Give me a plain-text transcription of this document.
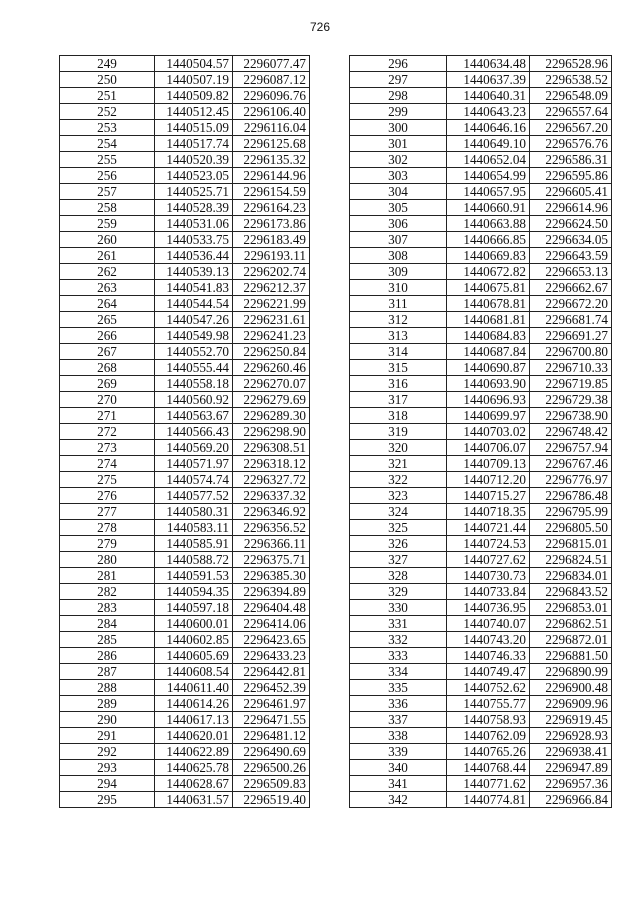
726
249	1440504.57	2296077.47
250	1440507.19	2296087.12
251	1440509.82	2296096.76
252	1440512.45	2296106.40
253	1440515.09	2296116.04
254	1440517.74	2296125.68
255	1440520.39	2296135.32
256	1440523.05	2296144.96
257	1440525.71	2296154.59
258	1440528.39	2296164.23
259	1440531.06	2296173.86
260	1440533.75	2296183.49
261	1440536.44	2296193.11
262	1440539.13	2296202.74
263	1440541.83	2296212.37
264	1440544.54	2296221.99
265	1440547.26	2296231.61
266	1440549.98	2296241.23
267	1440552.70	2296250.84
268	1440555.44	2296260.46
269	1440558.18	2296270.07
270	1440560.92	2296279.69
271	1440563.67	2296289.30
272	1440566.43	2296298.90
273	1440569.20	2296308.51
274	1440571.97	2296318.12
275	1440574.74	2296327.72
276	1440577.52	2296337.32
277	1440580.31	2296346.92
278	1440583.11	2296356.52
279	1440585.91	2296366.11
280	1440588.72	2296375.71
281	1440591.53	2296385.30
282	1440594.35	2296394.89
283	1440597.18	2296404.48
284	1440600.01	2296414.06
285	1440602.85	2296423.65
286	1440605.69	2296433.23
287	1440608.54	2296442.81
288	1440611.40	2296452.39
289	1440614.26	2296461.97
290	1440617.13	2296471.55
291	1440620.01	2296481.12
292	1440622.89	2296490.69
293	1440625.78	2296500.26
294	1440628.67	2296509.83
295	1440631.57	2296519.40
296	1440634.48	2296528.96
297	1440637.39	2296538.52
298	1440640.31	2296548.09
299	1440643.23	2296557.64
300	1440646.16	2296567.20
301	1440649.10	2296576.76
302	1440652.04	2296586.31
303	1440654.99	2296595.86
304	1440657.95	2296605.41
305	1440660.91	2296614.96
306	1440663.88	2296624.50
307	1440666.85	2296634.05
308	1440669.83	2296643.59
309	1440672.82	2296653.13
310	1440675.81	2296662.67
311	1440678.81	2296672.20
312	1440681.81	2296681.74
313	1440684.83	2296691.27
314	1440687.84	2296700.80
315	1440690.87	2296710.33
316	1440693.90	2296719.85
317	1440696.93	2296729.38
318	1440699.97	2296738.90
319	1440703.02	2296748.42
320	1440706.07	2296757.94
321	1440709.13	2296767.46
322	1440712.20	2296776.97
323	1440715.27	2296786.48
324	1440718.35	2296795.99
325	1440721.44	2296805.50
326	1440724.53	2296815.01
327	1440727.62	2296824.51
328	1440730.73	2296834.01
329	1440733.84	2296843.52
330	1440736.95	2296853.01
331	1440740.07	2296862.51
332	1440743.20	2296872.01
333	1440746.33	2296881.50
334	1440749.47	2296890.99
335	1440752.62	2296900.48
336	1440755.77	2296909.96
337	1440758.93	2296919.45
338	1440762.09	2296928.93
339	1440765.26	2296938.41
340	1440768.44	2296947.89
341	1440771.62	2296957.36
342	1440774.81	2296966.84
